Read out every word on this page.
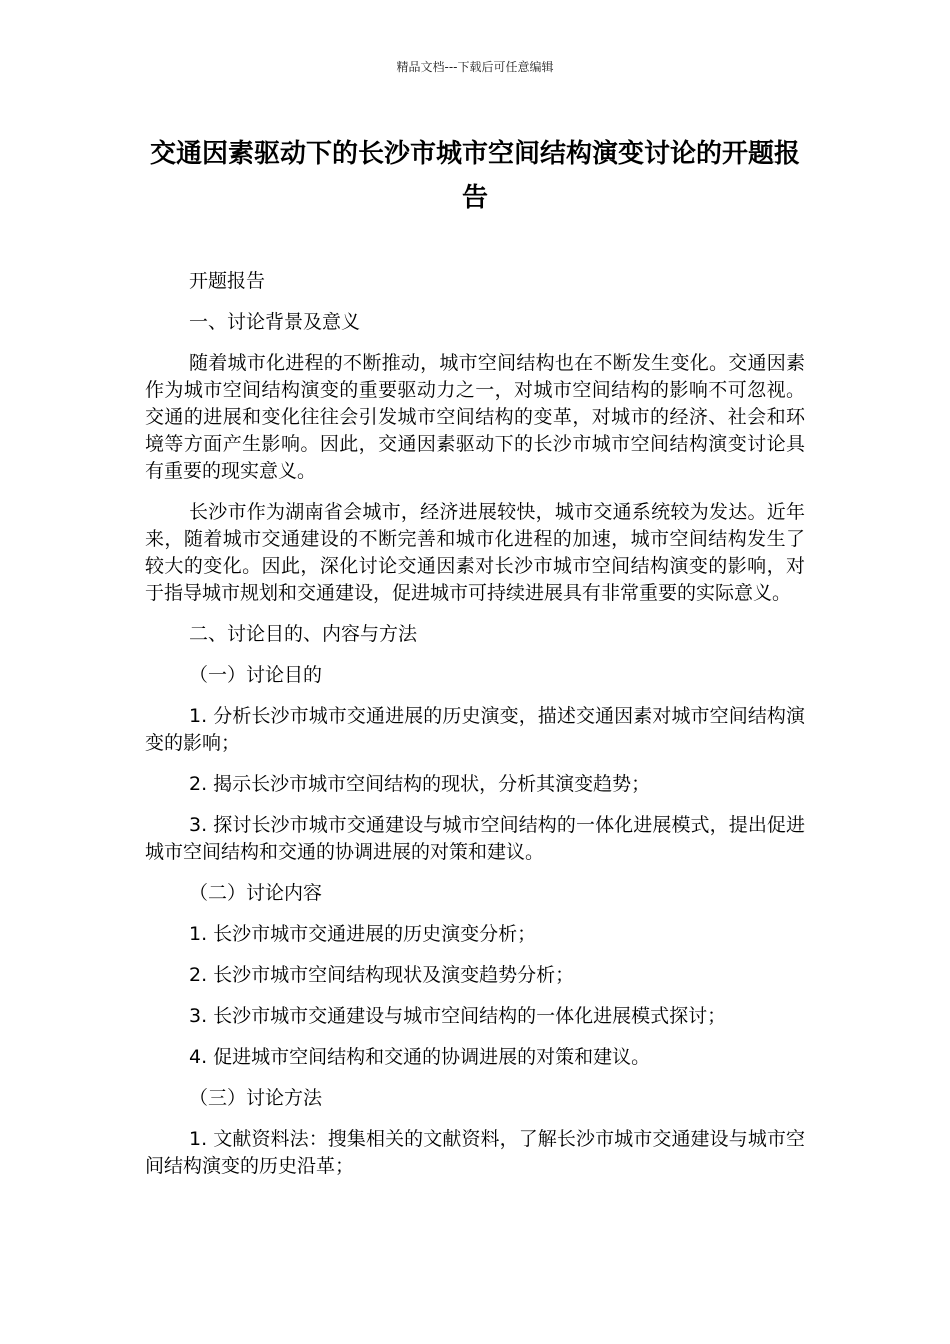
精品文档---下载后可任意编辑
交通因素驱动下的长沙市城市空间结构演变讨论的开题报告

开题报告

一、讨论背景及意义

随着城市化进程的不断推动，城市空间结构也在不断发生变化。交通因素作为城市空间结构演变的重要驱动力之一，对城市空间结构的影响不可忽视。交通的进展和变化往往会引发城市空间结构的变革，对城市的经济、社会和环境等方面产生影响。因此，交通因素驱动下的长沙市城市空间结构演变讨论具有重要的现实意义。

长沙市作为湖南省会城市，经济进展较快，城市交通系统较为发达。近年来，随着城市交通建设的不断完善和城市化进程的加速，城市空间结构发生了较大的变化。因此，深化讨论交通因素对长沙市城市空间结构演变的影响，对于指导城市规划和交通建设，促进城市可持续进展具有非常重要的实际意义。

二、讨论目的、内容与方法

（一）讨论目的

1. 分析长沙市城市交通进展的历史演变，描述交通因素对城市空间结构演变的影响；

2. 揭示长沙市城市空间结构的现状，分析其演变趋势；

3. 探讨长沙市城市交通建设与城市空间结构的一体化进展模式，提出促进城市空间结构和交通的协调进展的对策和建议。

（二）讨论内容

1. 长沙市城市交通进展的历史演变分析；

2. 长沙市城市空间结构现状及演变趋势分析；

3. 长沙市城市交通建设与城市空间结构的一体化进展模式探讨；

4. 促进城市空间结构和交通的协调进展的对策和建议。

（三）讨论方法

1. 文献资料法：搜集相关的文献资料，了解长沙市城市交通建设与城市空间结构演变的历史沿革；
